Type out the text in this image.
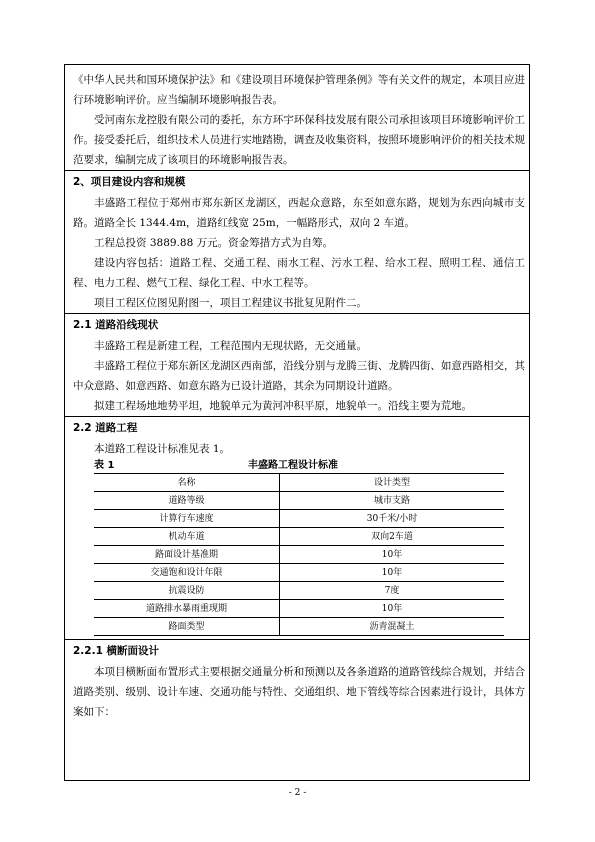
《中华人民共和国环境保护法》和《建设项目环境保护管理条例》等有关文件的规定，本项目应进行环境影响评价。应当编制环境影响报告表。

受河南东龙控股有限公司的委托，东方环宇环保科技发展有限公司承担该项目环境影响评价工作。接受委托后，组织技术人员进行实地踏勘，调查及收集资料，按照环境影响评价的相关技术规范要求，编制完成了该项目的环境影响报告表。

2、项目建设内容和规模

丰盛路工程位于郑州市郑东新区龙湖区，西起众意路，东至如意东路，规划为东西向城市支路。道路全长 1344.4m，道路红线宽 25m，一幅路形式，双向 2 车道。

工程总投资 3889.88 万元。资金筹措方式为自筹。

建设内容包括：道路工程、交通工程、雨水工程、污水工程、给水工程、照明工程、通信工程、电力工程、燃气工程、绿化工程、中水工程等。

项目工程区位图见附图一，项目工程建议书批复见附件二。

2.1 道路沿线现状

丰盛路工程是新建工程，工程范围内无现状路，无交通量。

丰盛路工程位于郑东新区龙湖区西南部，沿线分别与龙腾三街、龙腾四街、如意西路相交，其中众意路、如意西路、如意东路为已设计道路，其余为同期设计道路。

拟建工程场地地势平坦，地貌单元为黄河冲积平原，地貌单一。沿线主要为荒地。

2.2 道路工程

本道路工程设计标准见表 1。

表 1	丰盛路工程设计标准
名称	设计类型
道路等级	城市支路
计算行车速度	30千米/小时
机动车道	双向2车道
路面设计基准期	10年
交通饱和设计年限	10年
抗震设防	7度
道路排水暴雨重现期	10年
路面类型	沥青混凝土
2.2.1 横断面设计

本项目横断面布置形式主要根据交通量分析和预测以及各条道路的道路管线综合规划，并结合道路类别、级别、设计车速、交通功能与特性、交通组织、地下管线等综合因素进行设计，具体方案如下：

- 2 -
